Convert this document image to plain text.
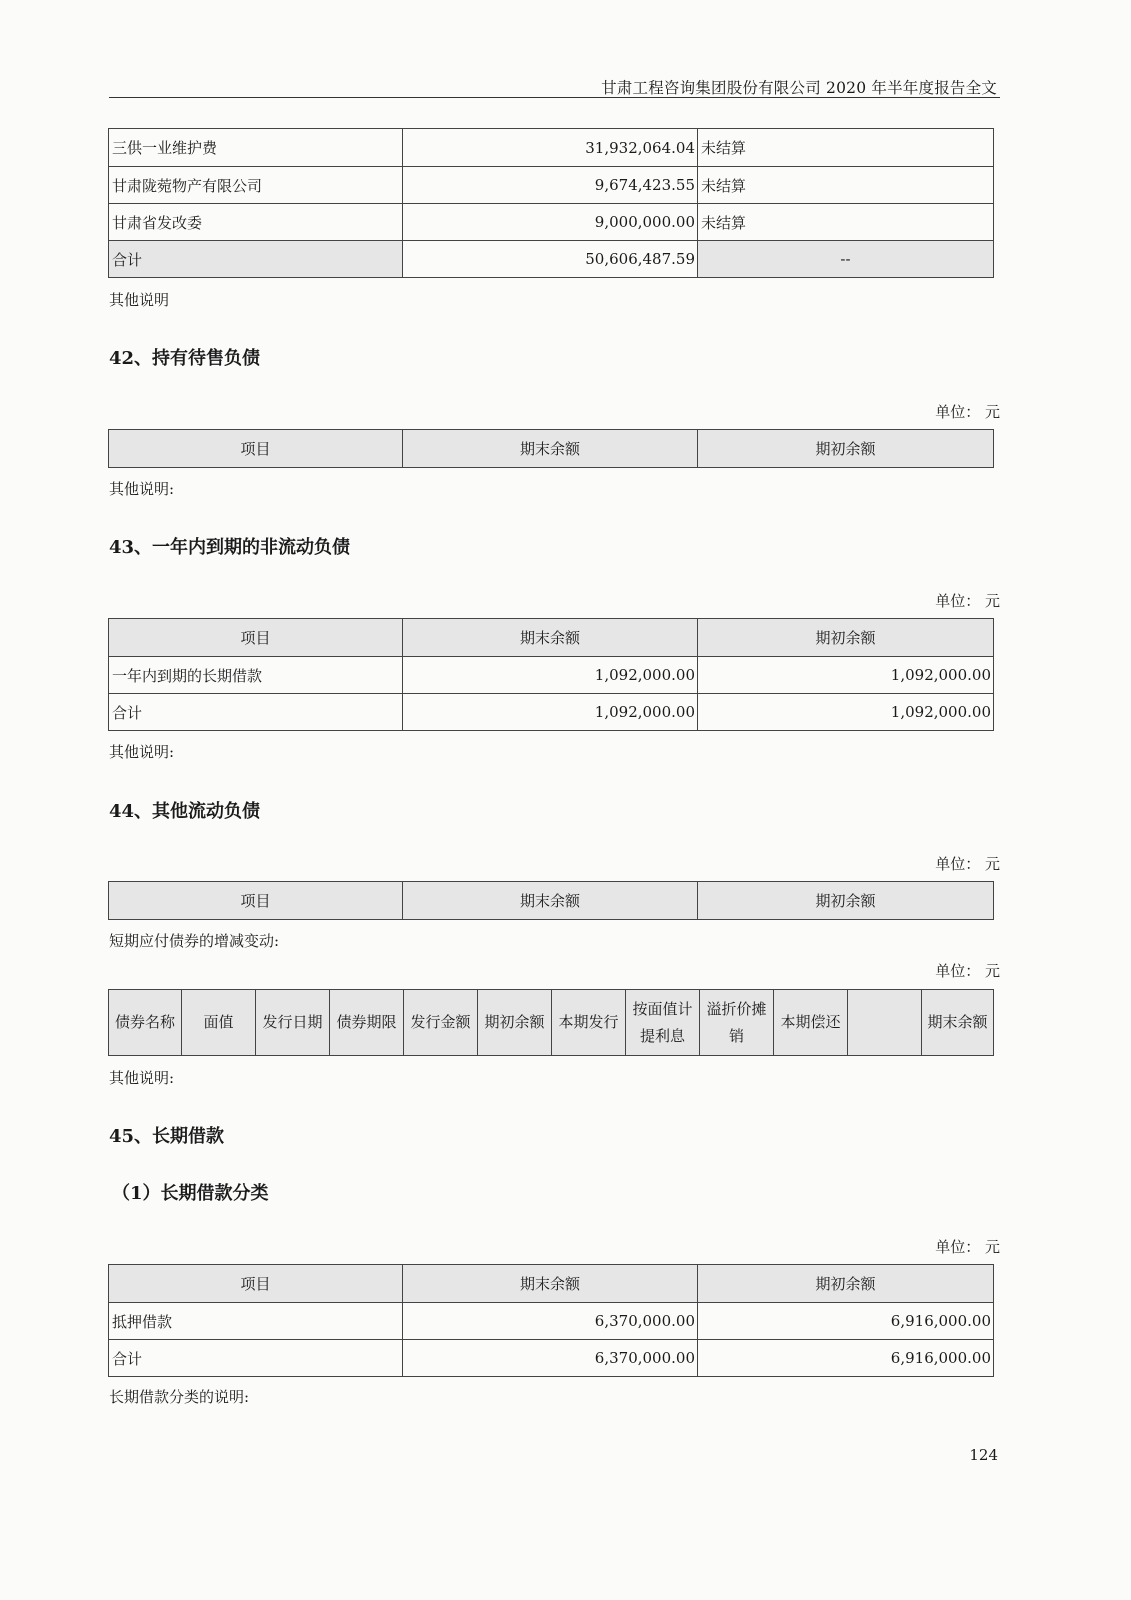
甘肃工程咨询集团股份有限公司 2020 年半年度报告全文
三供一业维护费	31,932,064.04	未结算
甘肃陇菀物产有限公司	9,674,423.55	未结算
甘肃省发改委	9,000,000.00	未结算
合计	50,606,487.59	--
其他说明
42、持有待售负债
单位： 元
项目	期末余额	期初余额
其他说明:
43、一年内到期的非流动负债
单位： 元
项目	期末余额	期初余额
一年内到期的长期借款	1,092,000.00	1,092,000.00
合计	1,092,000.00	1,092,000.00
其他说明:
44、其他流动负债
单位： 元
项目	期末余额	期初余额
短期应付债券的增减变动:
单位： 元
债券名称	面值	发行日期	债券期限	发行金额	期初余额	本期发行	按面值计提利息	溢折价摊销	本期偿还		期末余额
其他说明:
45、长期借款
（1）长期借款分类
单位： 元
项目	期末余额	期初余额
抵押借款	6,370,000.00	6,916,000.00
合计	6,370,000.00	6,916,000.00
长期借款分类的说明:
124
